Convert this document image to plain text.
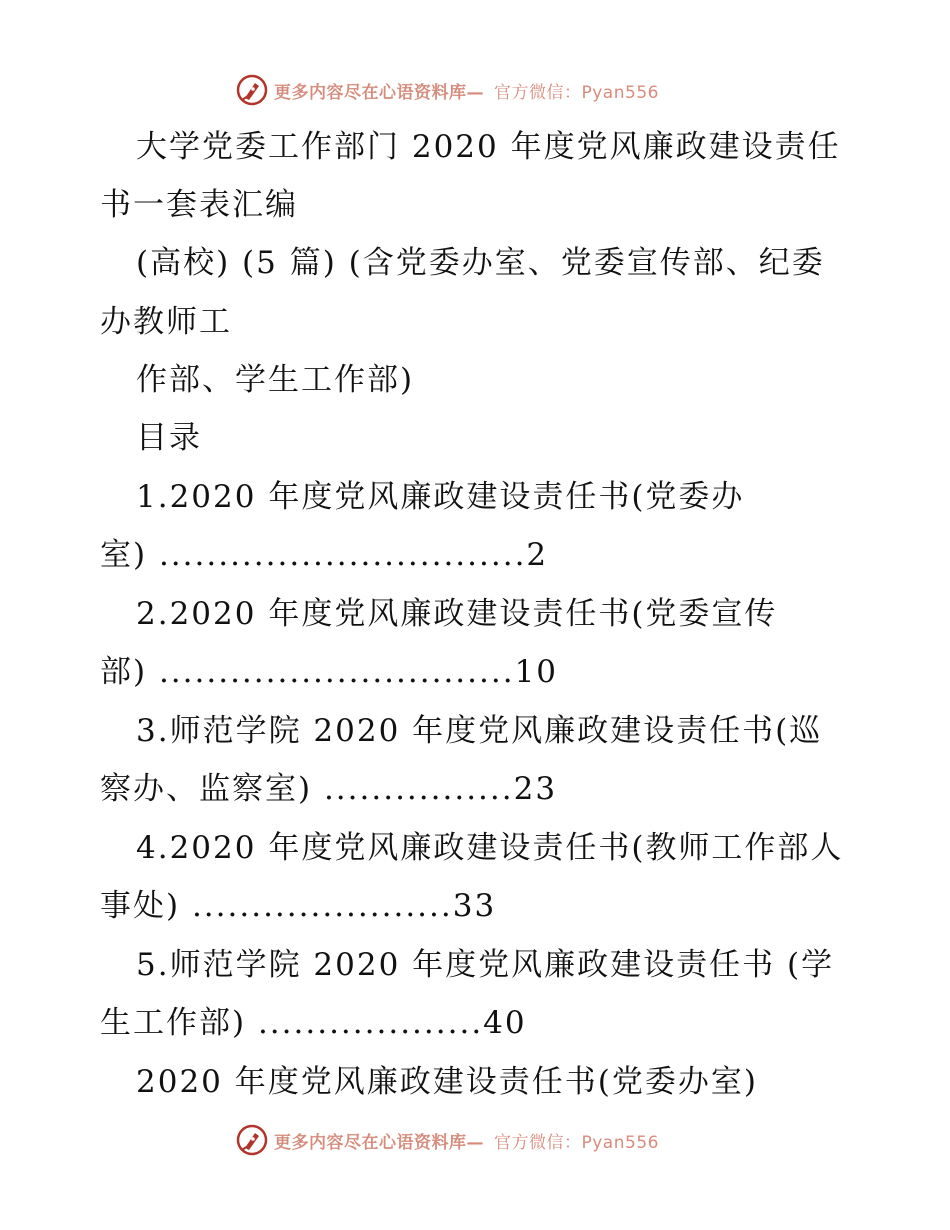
更多内容尽在心语资料库— 官方微信：Pyan556
大学党委工作部门 2020 年度党风廉政建设责任
书一套表汇编
(高校) (5 篇) (含党委办室、党委宣传部、纪委
办教师工
作部、学生工作部)
目录
1.2020 年度党风廉政建设责任书(党委办
室) ...............................2
2.2020 年度党风廉政建设责任书(党委宣传
部) ..............................10
3.师范学院 2020 年度党风廉政建设责任书(巡
察办、监察室) ................23
4.2020 年度党风廉政建设责任书(教师工作部人
事处) ......................33
5.师范学院 2020 年度党风廉政建设责任书 (学
生工作部) ...................40
2020 年度党风廉政建设责任书(党委办室)
更多内容尽在心语资料库— 官方微信：Pyan556
